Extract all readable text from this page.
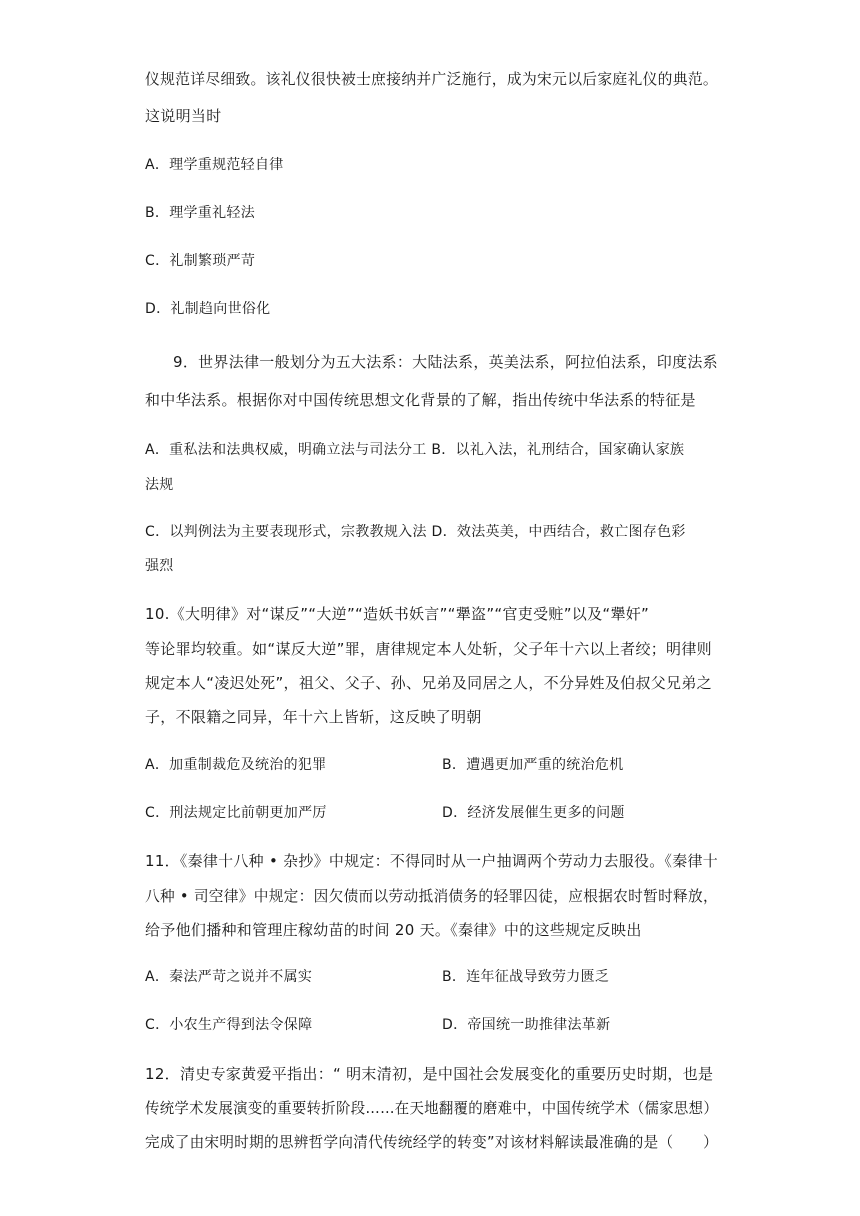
仪规范详尽细致。该礼仪很快被士庶接纳并广泛施行，成为宋元以后家庭礼仪的典范。
这说明当时
A．理学重规范轻自律
B．理学重礼轻法
C．礼制繁琐严苛
D．礼制趋向世俗化
9．世界法律一般划分为五大法系：大陆法系，英美法系，阿拉伯法系，印度法系
和中华法系。根据你对中国传统思想文化背景的了解，指出传统中华法系的特征是
A．重私法和法典权威，明确立法与司法分工 B．以礼入法，礼刑结合，国家确认家族
法规
C．以判例法为主要表现形式，宗教教规入法 D．效法英美，中西结合，救亡图存色彩
强烈
10.《大明律》对“谋反”“大逆”“造妖书妖言”“犟盗”“官吏受赃”以及“犟奸”
等论罪均较重。如“谋反大逆”罪，唐律规定本人处斩，父子年十六以上者绞；明律则
规定本人“凌迟处死”，祖父、父子、孙、兄弟及同居之人，不分异姓及伯叔父兄弟之
子，不限籍之同异，年十六上皆斩，这反映了明朝
A．加重制裁危及统治的犯罪	B．遭遇更加严重的统治危机
C．刑法规定比前朝更加严厉	D．经济发展催生更多的问题
11．《秦律十八种 • 杂抄》中规定：不得同时从一户抽调两个劳动力去服役。《秦律十
八种 • 司空律》中规定：因欠债而以劳动抵消债务的轻罪囚徒，应根据农时暂时释放，
给予他们播种和管理庄稼幼苗的时间 20 天。《秦律》中的这些规定反映出
A．秦法严苛之说并不属实	B．连年征战导致劳力匮乏
C．小农生产得到法令保障	D．帝国统一助推律法革新
12．清史专家黄爱平指出：“ 明末清初，是中国社会发展变化的重要历史时期，也是
传统学术发展演变的重要转折阶段……在天地翻覆的磨难中，中国传统学术（儒家思想）
完成了由宋明时期的思辨哲学向清代传统经学的转变”对该材料解读最准确的是（　　）
